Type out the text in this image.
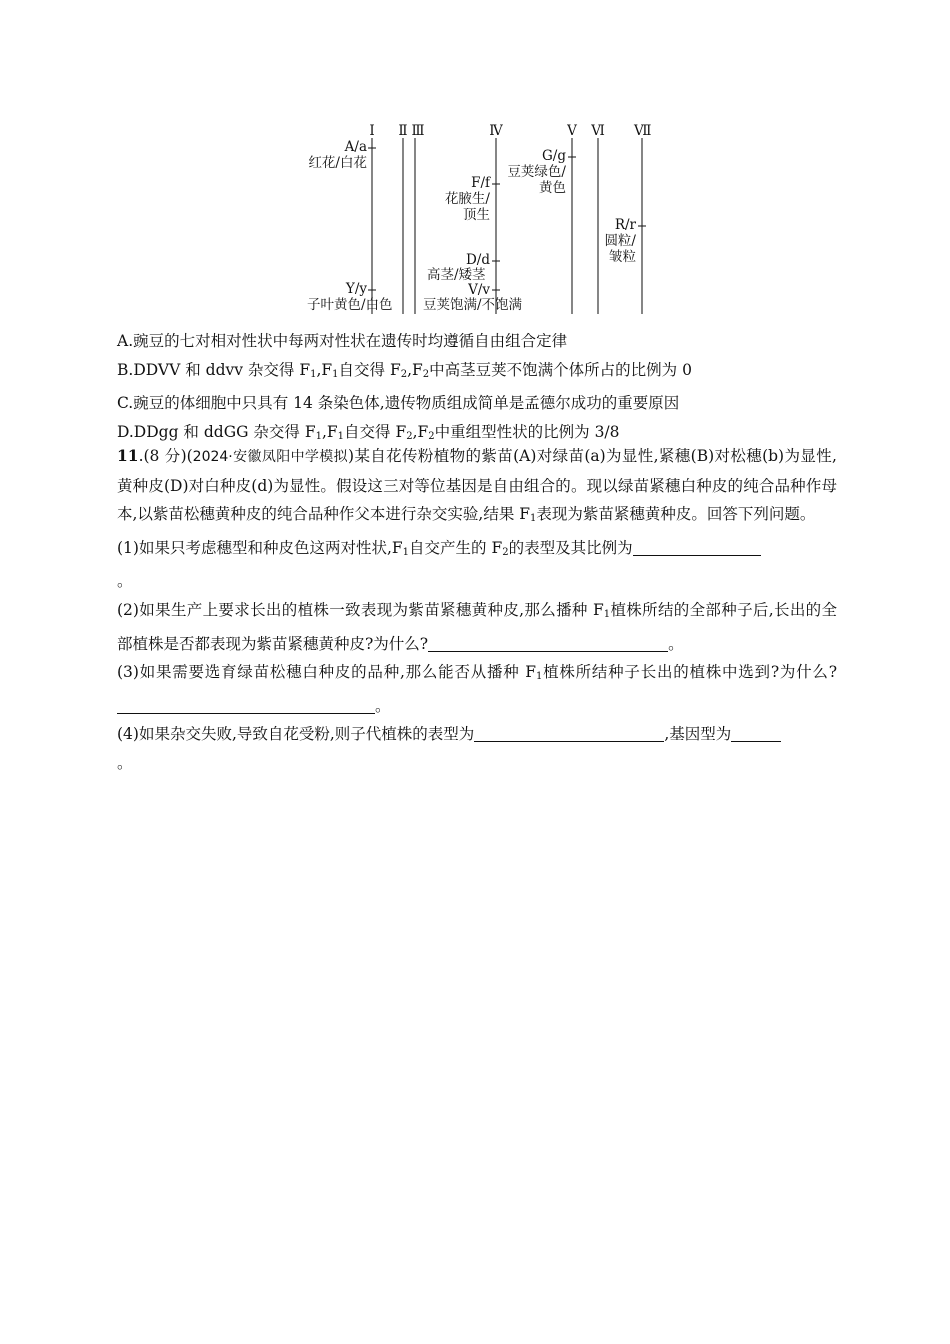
Ⅰ	Ⅱ Ⅲ	Ⅳ	Ⅴ Ⅵ Ⅶ
A/a
红花/白花
Y/y
子叶黄色/白色
F/f
花腋生/
顶生
D/d
高茎/矮茎
V/v
豆荚饱满/不饱满
G/g
豆荚绿色/
黄色
R/r
圆粒/
皱粒

A.豌豆的七对相对性状中每两对性状在遗传时均遵循自由组合定律

B.DDVV 和 ddvv 杂交得 $F_1,F_1$自交得 $F_2,F_2$中高茎豆荚不饱满个体所占的比例为 0

C.豌豆的体细胞中只具有 14 条染色体,遗传物质组成简单是孟德尔成功的重要原因

D.DDgg 和 ddGG 杂交得 $F_1,F_1$自交得 $F_2,F_2$中重组型性状的比例为 3/8

11.(8 分)(2024·安徽凤阳中学模拟)某自花传粉植物的紫苗(A)对绿苗(a)为显性,紧穗(B)对松穗(b)为显性,黄种皮(D)对白种皮(d)为显性。假设这三对等位基因是自由组合的。现以绿苗紧穗白种皮的纯合品种作母本,以紫苗松穗黄种皮的纯合品种作父本进行杂交实验,结果 $F_1$表现为紫苗紧穗黄种皮。回答下列问题。

(1)如果只考虑穗型和种皮色这两对性状$,F_1$自交产生的 $F_2$的表型及其比例为
。

(2)如果生产上要求长出的植株一致表现为紫苗紧穗黄种皮,那么播种 $F_1$植株所结的全部种子后,长出的全部植株是否都表现为紫苗紧穗黄种皮?为什么?	。

(3)如果需要选育绿苗松穗白种皮的品种,那么能否从播种 $F_1$植株所结种子长出的植株中选到?为什么?。

(4)如果杂交失败,导致自花受粉,则子代植株的表型为	,基因型为
。
